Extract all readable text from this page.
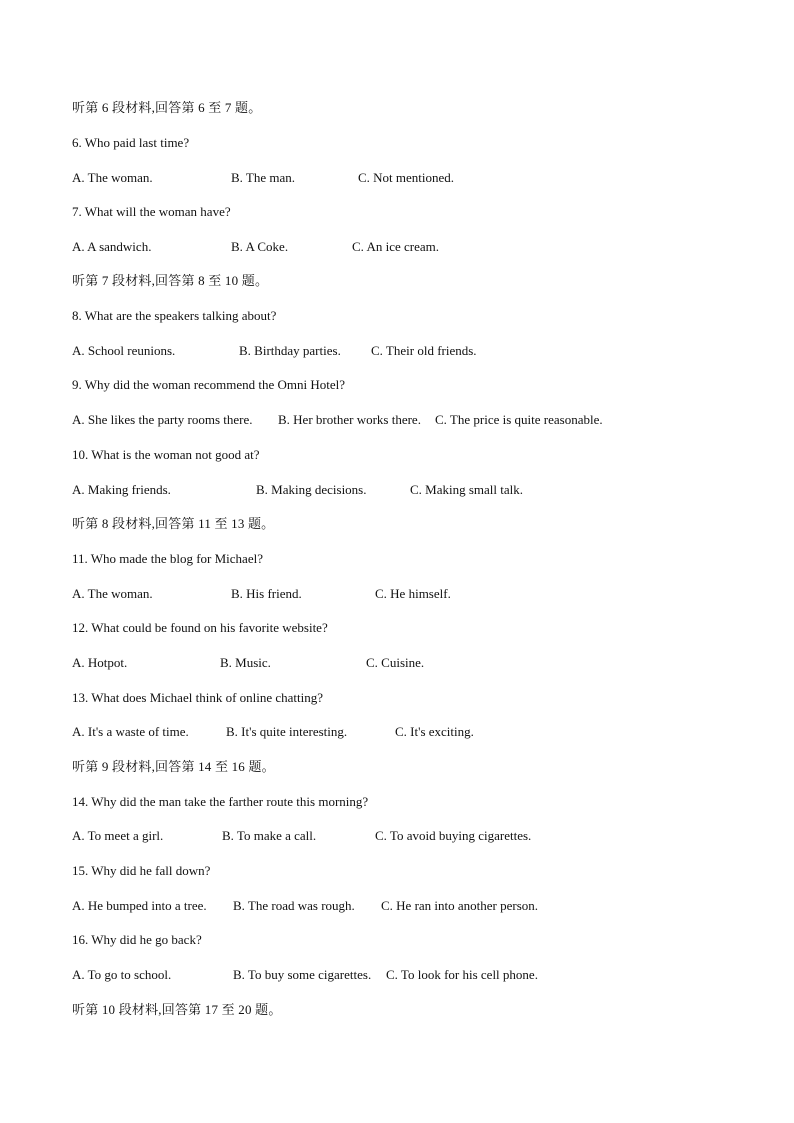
听第 6 段材料,回答第 6 至 7 题。
6. Who paid last time?
A. The woman.	B. The man.	C. Not mentioned.
7. What will the woman have?
A. A sandwich.	B. A Coke.	C. An ice cream.
听第 7 段材料,回答第 8 至 10 题。
8. What are the speakers talking about?
A. School reunions.	B. Birthday parties. C. Their old friends.
9. Why did the woman recommend the Omni Hotel?
A. She likes the party rooms there. B. Her brother works there. C. The price is quite reasonable.
10. What is the woman not good at?
A. Making friends.	B. Making decisions.	C. Making small talk.
听第 8 段材料,回答第 11 至 13 题。
11. Who made the blog for Michael?
A. The woman.	B. His friend.	C. He himself.
12. What could be found on his favorite website?
A. Hotpot.	B. Music.	C. Cuisine.
13. What does Michael think of online chatting?
A. It's a waste of time.	B. It's quite interesting.	C. It's exciting.
听第 9 段材料,回答第 14 至 16 题。
14. Why did the man take the farther route this morning?
A. To meet a girl.	B. To make a call.	C. To avoid buying cigarettes.
15. Why did he fall down?
A. He bumped into a tree. B. The road was rough. C. He ran into another person.
16. Why did he go back?
A. To go to school.	B. To buy some cigarettes. C. To look for his cell phone.
听第 10 段材料,回答第 17 至 20 题。
